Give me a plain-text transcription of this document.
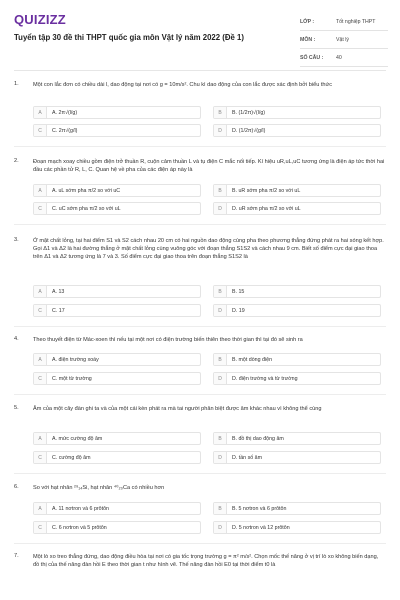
QUIZIZZ
Tuyển tập 30 đề thi THPT quốc gia môn Vật lý năm 2022 (Đề 1)
LỚP :	Tốt nghiệp THPT
MÔN :	Vật lý
SỐ CÂU :	40
1.	Một con lắc đơn có chiều dài l, dao động tại nơi có g = 10m/s². Chu kì dao động của con lắc được xác định bởi biểu thức
A	A. 2π√(l/g)	B	B. (1/2π)√(l/g)
C	C. 2π√(g/l)	D	D. (1/2π)√(g/l)
2.	Đoạn mạch xoay chiều gồm điện trở thuần R, cuộn cảm thuần L và tụ điện C mắc nối tiếp. Kí hiệu uR,uL,uC tương ứng là điện áp tức thời hai đầu các phần tử R, L, C. Quan hệ về pha của các điện áp này là
A	A. uL sớm pha π/2 so với uC	B	B. uR sớm pha π/2 so với uL
C	C. uC sớm pha π/2 so với uL	D	D. uR sớm pha π/2 so với uL
3.	Ở mặt chất lỏng, tại hai điểm S1 và S2 cách nhau 20 cm có hai nguồn dao động cùng pha theo phương thẳng đứng phát ra hai sóng kết hợp. Gọi Δ1 và Δ2 là hai đường thẳng ở mặt chất lỏng cùng vuông góc với đoạn thẳng S1S2 và cách nhau 9 cm. Biết số điểm cực đại giao thoa trên Δ1 và Δ2 tương ứng là 7 và 3. Số điểm cực đại giao thoa trên đoạn thẳng S1S2 là
A	A. 13	B	B. 15
C	C. 17	D	D. 19
4.	Theo thuyết điện từ Mác-xoen thì nếu tại một nơi có điện trường biến thiên theo thời gian thì tại đó sẽ sinh ra
A	A. điện trường xoáy	B	B. một dòng điện
C	C. một từ trường	D	D. điện trường và từ trường
5.	Âm của một cây đàn ghi ta và của một cái kèn phát ra mà tai người phân biệt được âm khác nhau vì không thể cùng
A	A. mức cường độ âm	B	B. đồ thị dao động âm
C	C. cường độ âm	D	D. tần số âm
6.	So với hạt nhân ²⁹₁₄Si, hạt nhân ⁴⁰₂₀Ca có nhiều hơn
A	A. 11 nơtron và 6 prôtôn	B	B. 5 nơtron và 6 prôtôn
C	C. 6 nơtron và 5 prôtôn	D	D. 5 nơtron và 12 prôtôn
7.	Một lò xo treo thẳng đứng, dao động điều hòa tại nơi có gia tốc trọng trường g = π² m/s². Chọn mốc thế năng ở vị trí lò xo không biến dạng, đồ thị của thế năng đàn hồi E theo thời gian t như hình vẽ. Thế năng đàn hồi E0 tại thời điểm t0 là
